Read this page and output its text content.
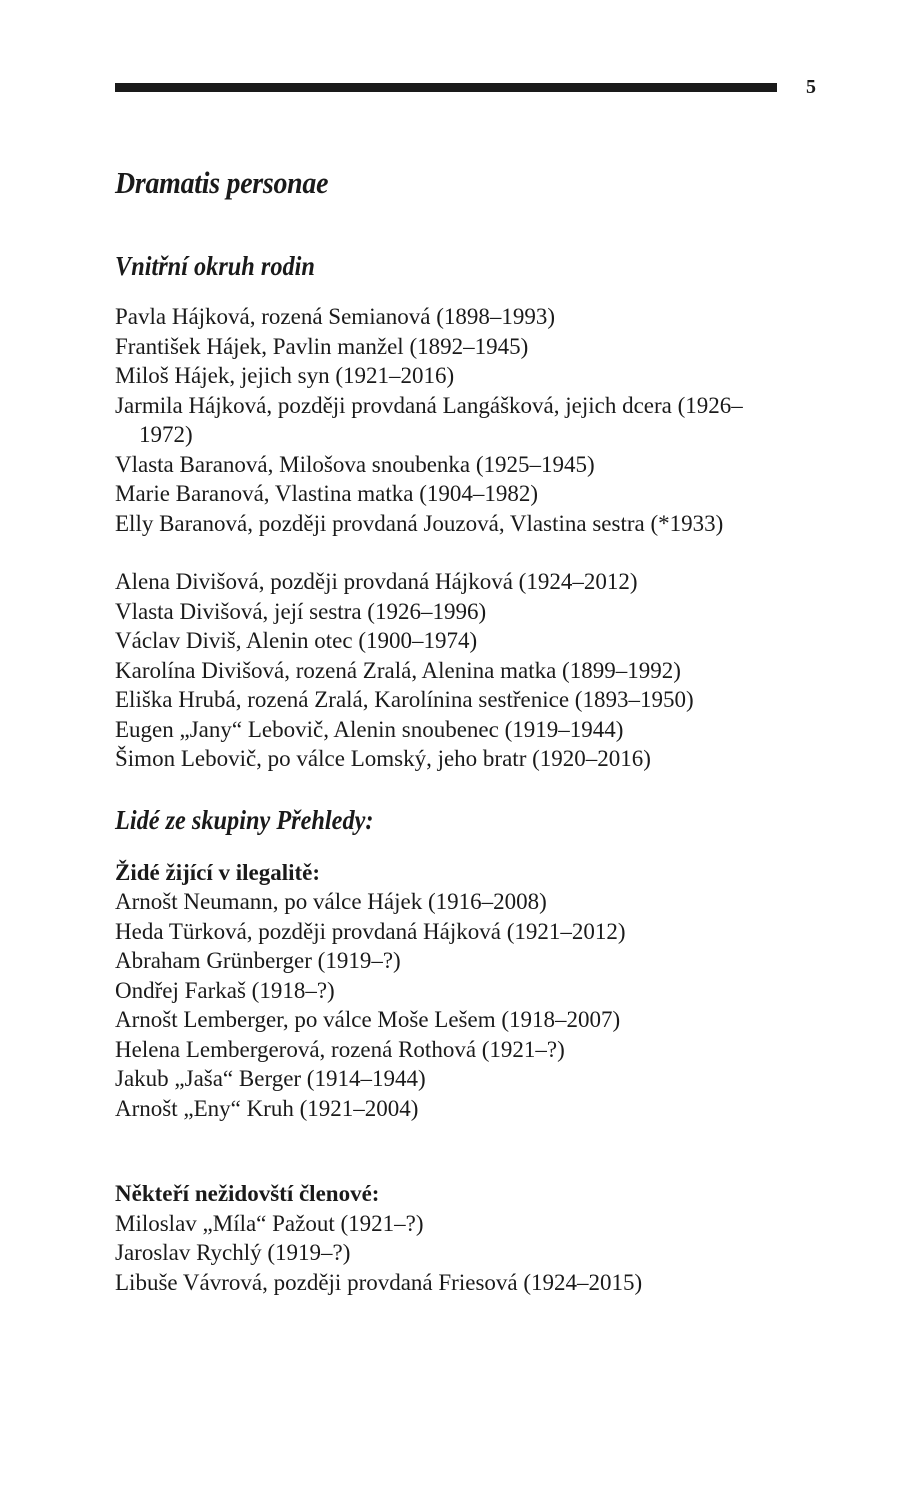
5
Dramatis personae
Vnitřní okruh rodin
Pavla Hájková, rozená Semianová (1898–1993)
František Hájek, Pavlin manžel (1892–1945)
Miloš Hájek, jejich syn (1921–2016)
Jarmila Hájková, později provdaná Langášková, jejich dcera (1926–1972)
Vlasta Baranová, Milošova snoubenka (1925–1945)
Marie Baranová, Vlastina matka (1904–1982)
Elly Baranová, později provdaná Jouzová, Vlastina sestra (*1933)
Alena Divišová, později provdaná Hájková (1924–2012)
Vlasta Divišová, její sestra (1926–1996)
Václav Diviš, Alenin otec (1900–1974)
Karolína Divišová, rozená Zralá, Alenina matka (1899–1992)
Eliška Hrubá, rozená Zralá, Karolínina sestřenice (1893–1950)
Eugen „Jany“ Lebovič, Alenin snoubenec (1919–1944)
Šimon Lebovič, po válce Lomský, jeho bratr (1920–2016)
Lidé ze skupiny Přehledy:
Židé žijící v ilegalitě:
Arnošt Neumann, po válce Hájek (1916–2008)
Heda Türková, později provdaná Hájková (1921–2012)
Abraham Grünberger (1919–?)
Ondřej Farkaš (1918–?)
Arnošt Lemberger, po válce Moše Lešem (1918–2007)
Helena Lembergerová, rozená Rothová (1921–?)
Jakub „Jaša“ Berger (1914–1944)
Arnošt „Eny“ Kruh (1921–2004)
Někteří nežidovští členové:
Miloslav „Míla“ Pažout (1921–?)
Jaroslav Rychlý (1919–?)
Libuše Vávrová, později provdaná Friesová (1924–2015)
